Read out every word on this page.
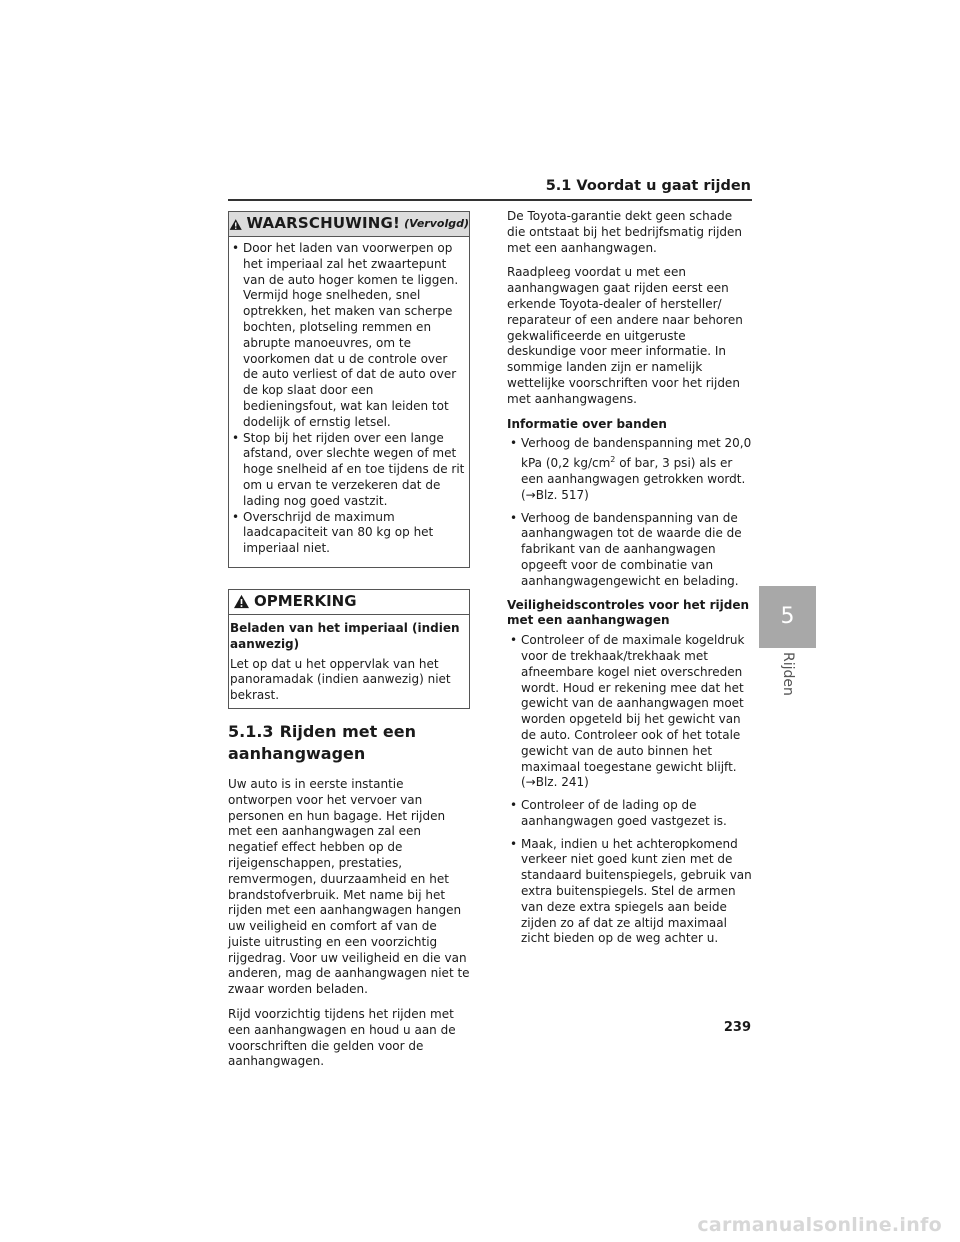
5.1 Voordat u gaat rijden
5
Rijden
WAARSCHUWING! (Vervolgd)
• Door het laden van voorwerpen op het imperiaal zal het zwaartepunt van de auto hoger komen te liggen. Vermijd hoge snelheden, snel optrekken, het maken van scherpe bochten, plotseling remmen en abrupte manoeuvres, om te voorkomen dat u de controle over de auto verliest of dat de auto over de kop slaat door een bedieningsfout, wat kan leiden tot dodelijk of ernstig letsel.
• Stop bij het rijden over een lange afstand, over slechte wegen of met hoge snelheid af en toe tijdens de rit om u ervan te verzekeren dat de lading nog goed vastzit.
• Overschrijd de maximum laadcapaciteit van 80 kg op het imperiaal niet.
OPMERKING
Beladen van het imperiaal (indien aanwezig)

Let op dat u het oppervlak van het panoramadak (indien aanwezig) niet bekrast.

5.1.3 Rijden met een aanhangwagen

Uw auto is in eerste instantie ontworpen voor het vervoer van personen en hun bagage. Het rijden met een aanhangwagen zal een negatief effect hebben op de rijeigenschappen, prestaties, remvermogen, duurzaamheid en het brandstofverbruik. Met name bij het rijden met een aanhangwagen hangen uw veiligheid en comfort af van de juiste uitrusting en een voorzichtig rijgedrag. Voor uw veiligheid en die van anderen, mag de aanhangwagen niet te zwaar worden beladen.

Rijd voorzichtig tijdens het rijden met een aanhangwagen en houd u aan de voorschriften die gelden voor de aanhangwagen.

De Toyota-garantie dekt geen schade die ontstaat bij het bedrijfsmatig rijden met een aanhangwagen.

Raadpleeg voordat u met een aanhangwagen gaat rijden eerst een erkende Toyota-dealer of hersteller/ reparateur of een andere naar behoren gekwalificeerde en uitgeruste deskundige voor meer informatie. In sommige landen zijn er namelijk wettelijke voorschriften voor het rijden met aanhangwagens.

Informatie over banden
• Verhoog de bandenspanning met 20,0 kPa (0,2 $kg/cm^2$ of bar, 3 psi) als er een aanhangwagen getrokken wordt. (→Blz. 517)
• Verhoog de bandenspanning van de aanhangwagen tot de waarde die de fabrikant van de aanhangwagen opgeeft voor de combinatie van aanhangwagengewicht en belading.
Veiligheidscontroles voor het rijden met een aanhangwagen
• Controleer of de maximale kogeldruk voor de trekhaak/trekhaak met afneembare kogel niet overschreden wordt. Houd er rekening mee dat het gewicht van de aanhangwagen moet worden opgeteld bij het gewicht van de auto. Controleer ook of het totale gewicht van de auto binnen het maximaal toegestane gewicht blijft. (→Blz. 241)
• Controleer of de lading op de aanhangwagen goed vastgezet is.
• Maak, indien u het achteropkomend verkeer niet goed kunt zien met de standaard buitenspiegels, gebruik van extra buitenspiegels. Stel de armen van deze extra spiegels aan beide zijden zo af dat ze altijd maximaal zicht bieden op de weg achter u.
239
carmanualsonline.info
